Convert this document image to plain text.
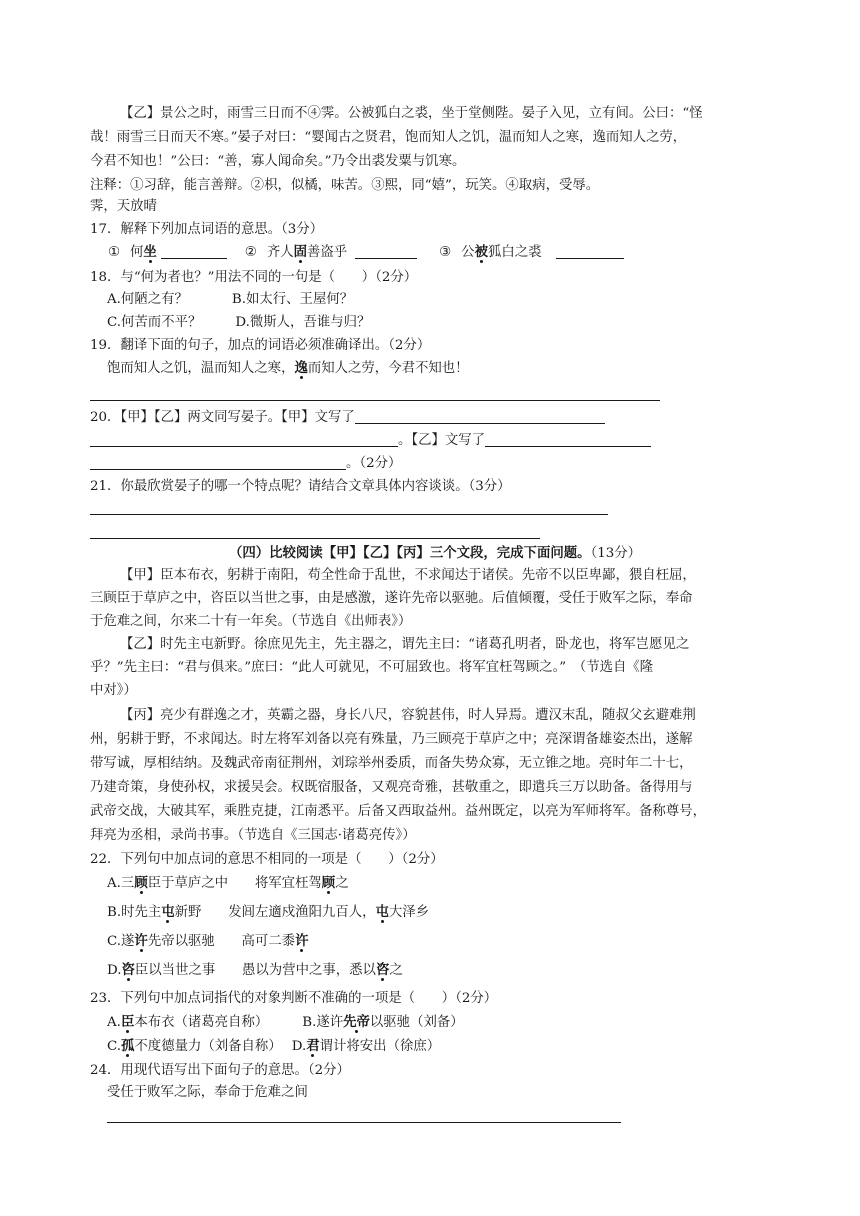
【乙】景公之时，雨雪三日而不④霁。公被狐白之裘，坐于堂侧陛。晏子入见，立有间。公曰：“怪
哉！雨雪三日而天不寒。”晏子对曰：“婴闻古之贤君，饱而知人之饥，温而知人之寒，逸而知人之劳，
今君不知也！”公曰：“善，寡人闻命矣。”乃令出裘发粟与饥寒。
注释：①习辞，能言善辩。②枳，似橘，味苦。③熙，同“嬉”，玩笑。④取病，受辱。
霁，天放晴
17．解释下列加点词语的意思。（3分）
① 何坐	② 齐人固善盗乎	③ 公被狐白之裘
18．与“何为者也？”用法不同的一句是（　　）（2分）
A.何陋之有？	B.如太行、王屋何？
C.何苦而不平？	D.微斯人，吾谁与归？
19．翻译下面的句子，加点的词语必须准确译出。（2分）
饱而知人之饥，温而知人之寒，逸而知人之劳，今君不知也！
20．【甲】【乙】两文同写晏子。【甲】文写了
。【乙】文写了
。（2分）
21．你最欣赏晏子的哪一个特点呢？请结合文章具体内容谈谈。（3分）
（四）比较阅读【甲】【乙】【丙】三个文段，完成下面问题。（13分）
【甲】臣本布衣，躬耕于南阳，苟全性命于乱世，不求闻达于诸侯。先帝不以臣卑鄙，猥自枉屈，
三顾臣于草庐之中，咨臣以当世之事，由是感激，遂许先帝以驱驰。后值倾覆，受任于败军之际，奉命
于危难之间，尔来二十有一年矣。（节选自《出师表》）
【乙】时先主屯新野。徐庶见先主，先主器之，谓先主曰：“诸葛孔明者，卧龙也，将军岂愿见之
乎？”先主曰：“君与俱来。”庶曰：“此人可就见，不可屈致也。将军宜枉驾顾之。”　（节选自《隆
中对》）
【丙】亮少有群逸之才，英霸之器，身长八尺，容貌甚伟，时人异焉。遭汉末乱，随叔父玄避难荆
州，躬耕于野，不求闻达。时左将军刘备以亮有殊量，乃三顾亮于草庐之中；亮深谓备雄姿杰出，遂解
带写诚，厚相结纳。及魏武帝南征荆州，刘琮举州委质，而备失势众寡，无立锥之地。亮时年二十七，
乃建奇策，身使孙权，求援吴会。权既宿服备，又观亮奇雅，甚敬重之，即遣兵三万以助备。备得用与
武帝交战，大破其军，乘胜克捷，江南悉平。后备又西取益州。益州既定，以亮为军师将军。备称尊号，
拜亮为丞相，录尚书事。（节选自《三国志·诸葛亮传》）
22．下列句中加点词的意思不相同的一项是（　　）（2分）
A.三顾臣于草庐之中　　将军宜枉驾顾之
B.时先主屯新野　　发闾左適戍渔阳九百人，屯大泽乡
C.遂许先帝以驱驰　　高可二黍许
D.咨臣以当世之事　　愚以为营中之事，悉以咨之
23．下列句中加点词指代的对象判断不准确的一项是（　　）（2分）
A.臣本布衣（诸葛亮自称）	B.遂许先帝以驱驰（刘备）
C.孤不度德量力（刘备自称） D.君谓计将安出（徐庶）
24．用现代语写出下面句子的意思。（2分）
受任于败军之际，奉命于危难之间
